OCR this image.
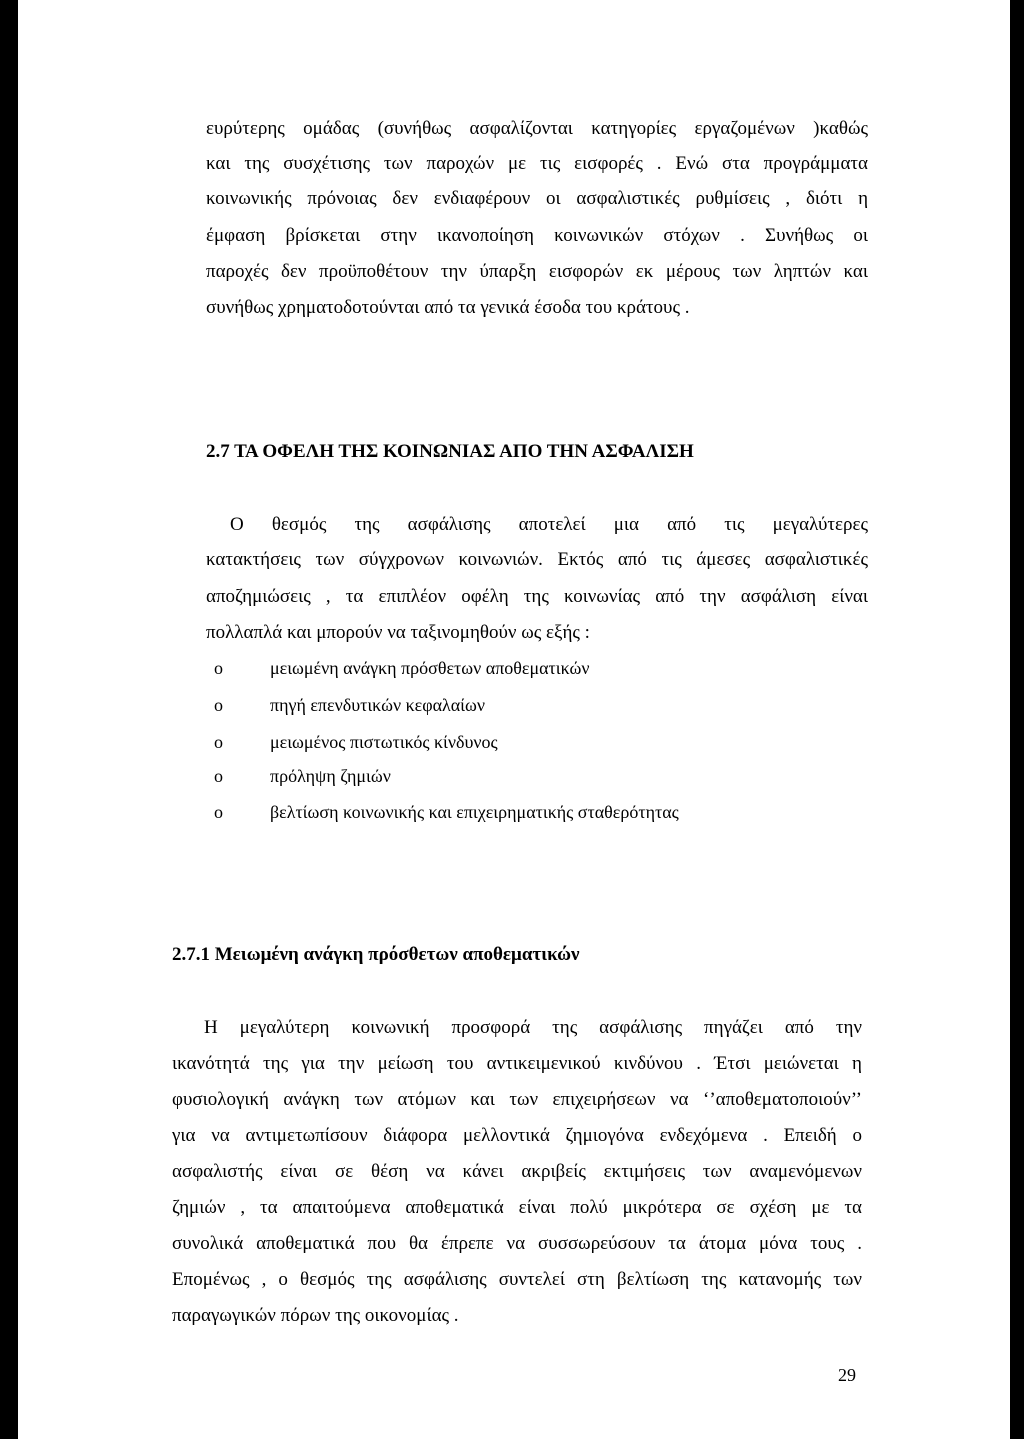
ευρύτερης ομάδας (συνήθως ασφαλίζονται κατηγορίες εργαζομένων )καθώς
και της συσχέτισης των παροχών με τις εισφορές . Ενώ στα προγράμματα
κοινωνικής πρόνοιας δεν ενδιαφέρουν οι ασφαλιστικές ρυθμίσεις , διότι η
έμφαση βρίσκεται στην ικανοποίηση κοινωνικών στόχων . Συνήθως οι
παροχές δεν προϋποθέτουν την ύπαρξη εισφορών εκ μέρους των ληπτών και
συνήθως χρηματοδοτούνται από τα γενικά έσοδα του κράτους .
2.7 ΤΑ ΟΦΕΛΗ ΤΗΣ ΚΟΙΝΩΝΙΑΣ ΑΠΟ ΤΗΝ ΑΣΦΑΛΙΣΗ
Ο θεσμός της ασφάλισης αποτελεί μια από τις μεγαλύτερες
κατακτήσεις των σύγχρονων κοινωνιών. Εκτός από τις άμεσες ασφαλιστικές
αποζημιώσεις , τα επιπλέον οφέλη της κοινωνίας από την ασφάλιση είναι
πολλαπλά και μπορούν να ταξινομηθούν ως εξής :
o	μειωμένη ανάγκη πρόσθετων αποθεματικών
o	πηγή επενδυτικών κεφαλαίων
o	μειωμένος πιστωτικός κίνδυνος
o	πρόληψη ζημιών
o	βελτίωση κοινωνικής και επιχειρηματικής σταθερότητας
2.7.1 Μειωμένη ανάγκη πρόσθετων αποθεματικών
Η μεγαλύτερη κοινωνική προσφορά της ασφάλισης πηγάζει από την
ικανότητά της για την μείωση του αντικειμενικού κινδύνου . Έτσι μειώνεται η
φυσιολογική ανάγκη των ατόμων και των επιχειρήσεων να ‘’αποθεματοποιούν’’
για να αντιμετωπίσουν διάφορα μελλοντικά ζημιογόνα ενδεχόμενα . Επειδή ο
ασφαλιστής είναι σε θέση να κάνει ακριβείς εκτιμήσεις των αναμενόμενων
ζημιών , τα απαιτούμενα αποθεματικά είναι πολύ μικρότερα σε σχέση με τα
συνολικά αποθεματικά που θα έπρεπε να συσσωρεύσουν τα άτομα μόνα τους .
Επομένως , ο θεσμός της ασφάλισης συντελεί στη βελτίωση της κατανομής των
παραγωγικών πόρων της οικονομίας .
29
